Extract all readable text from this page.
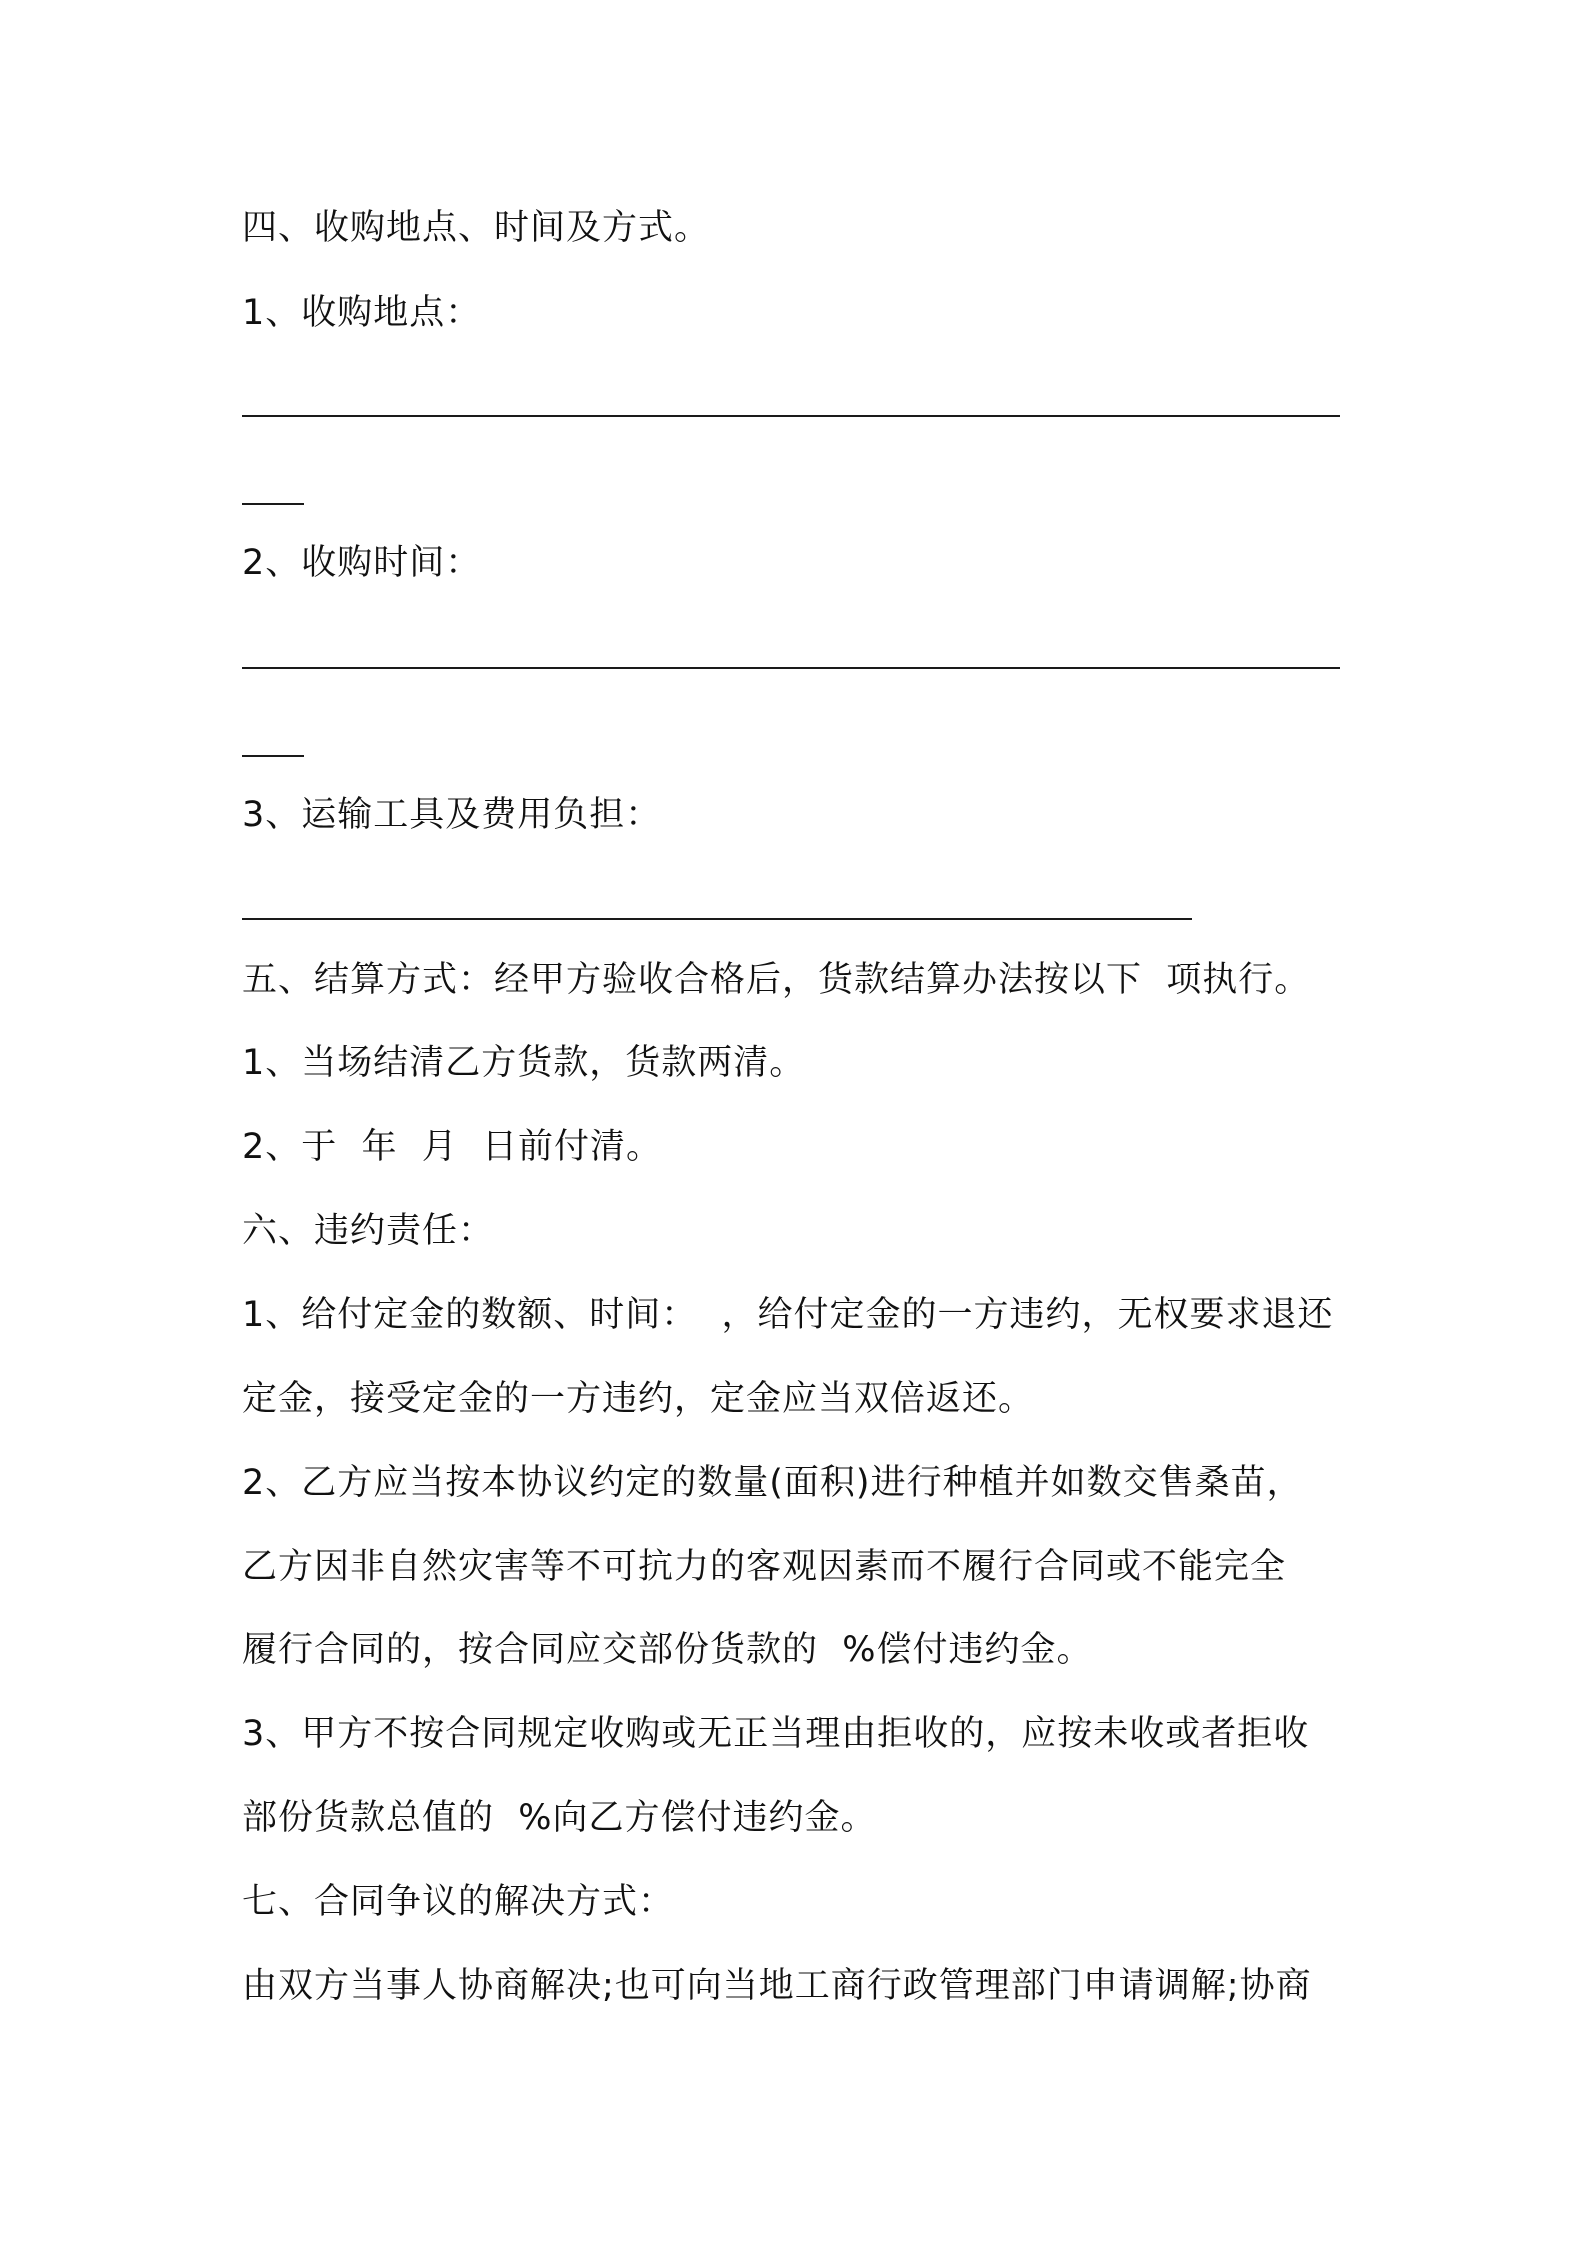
四、收购地点、时间及方式。

1、收购地点：

2、收购时间：

3、运输工具及费用负担：

五、结算方式：经甲方验收合格后，货款结算办法按以下  项执行。

1、当场结清乙方货款，货款两清。

2、于  年  月  日前付清。

六、违约责任：

1、给付定金的数额、时间：  ，给付定金的一方违约，无权要求退还

定金，接受定金的一方违约，定金应当双倍返还。

2、乙方应当按本协议约定的数量(面积)进行种植并如数交售桑苗，

乙方因非自然灾害等不可抗力的客观因素而不履行合同或不能完全

履行合同的，按合同应交部份货款的  %偿付违约金。

3、甲方不按合同规定收购或无正当理由拒收的，应按未收或者拒收

部份货款总值的  %向乙方偿付违约金。

七、合同争议的解决方式：

由双方当事人协商解决;也可向当地工商行政管理部门申请调解;协商
